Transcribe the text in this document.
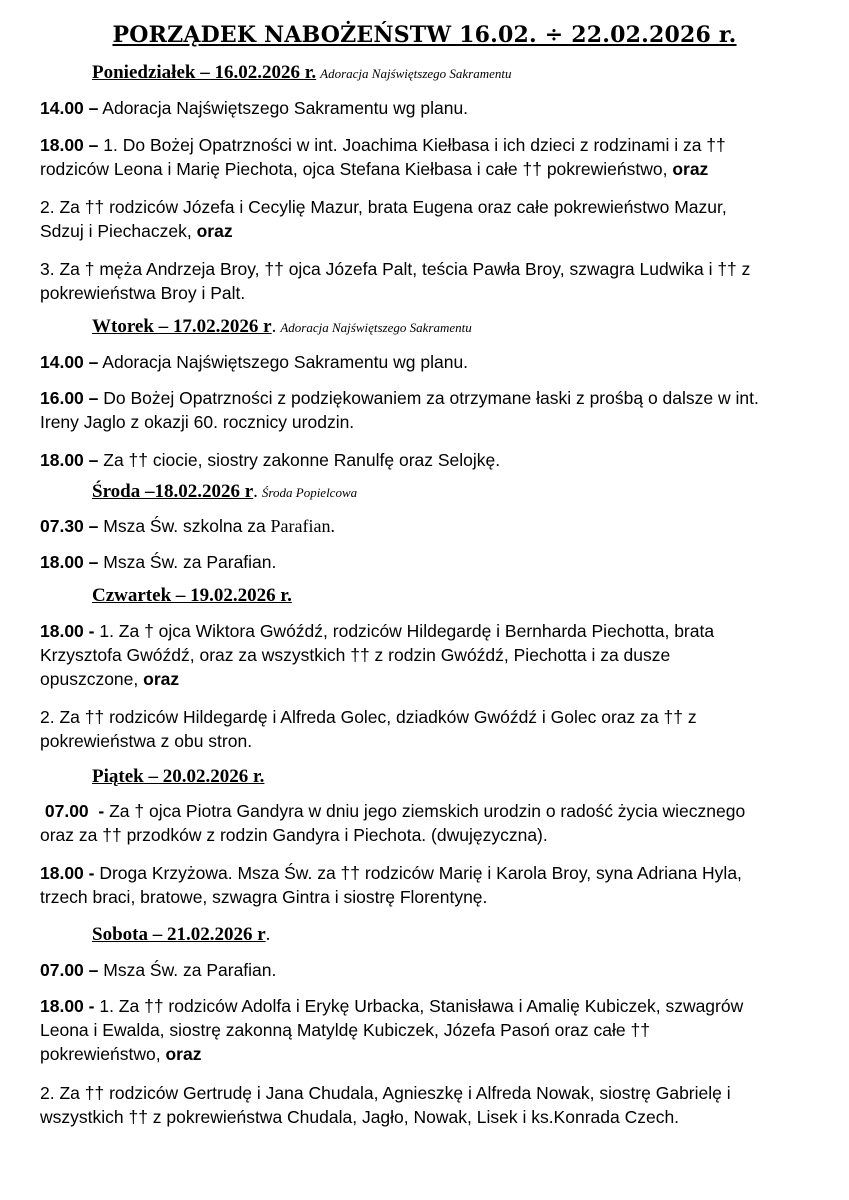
PORZĄDEK NABOŻEŃSTW 16.02. ÷ 22.02.2026 r.
Poniedziałek – 16.02.2026 r. Adoracja Najświętszego Sakramentu
14.00 – Adoracja Najświętszego Sakramentu wg planu.
18.00 – 1. Do Bożej Opatrzności w int. Joachima Kiełbasa i ich dzieci z rodzinami i za ††
rodziców Leona i Marię Piechota, ojca Stefana Kiełbasa i całe †† pokrewieństwo, oraz
2. Za †† rodziców Józefa i Cecylię Mazur, brata Eugena oraz całe pokrewieństwo Mazur,
Sdzuj i Piechaczek, oraz
3. Za † męża Andrzeja Broy, †† ojca Józefa Palt, teścia Pawła Broy, szwagra Ludwika i †† z
pokrewieństwa Broy i Palt.
Wtorek – 17.02.2026 r. Adoracja Najświętszego Sakramentu
14.00 – Adoracja Najświętszego Sakramentu wg planu.
16.00 – Do Bożej Opatrzności z podziękowaniem za otrzymane łaski z prośbą o dalsze w int.
Ireny Jaglo z okazji 60. rocznicy urodzin.
18.00 – Za †† ciocie, siostry zakonne Ranulfę oraz Selojkę.
Środa –18.02.2026 r. Środa Popielcowa
07.30 – Msza Św. szkolna za Parafian.
18.00 – Msza Św. za Parafian.
Czwartek – 19.02.2026 r.
18.00 - 1. Za † ojca Wiktora Gwóźdź, rodziców Hildegardę i Bernharda Piechotta, brata
Krzysztofa Gwóźdź, oraz za wszystkich †† z rodzin Gwóźdź, Piechotta i za dusze
opuszczone, oraz
2. Za †† rodziców Hildegardę i Alfreda Golec, dziadków Gwóźdź i Golec oraz za †† z
pokrewieństwa z obu stron.
Piątek – 20.02.2026 r.
07.00  - Za † ojca Piotra Gandyra w dniu jego ziemskich urodzin o radość życia wiecznego
oraz za †† przodków z rodzin Gandyra i Piechota. (dwujęzyczna).
18.00 - Droga Krzyżowa. Msza Św. za †† rodziców Marię i Karola Broy, syna Adriana Hyla,
trzech braci, bratowe, szwagra Gintra i siostrę Florentynę.
Sobota – 21.02.2026 r.
07.00 – Msza Św. za Parafian.
18.00 - 1. Za †† rodziców Adolfa i Erykę Urbacka, Stanisława i Amalię Kubiczek, szwagrów
Leona i Ewalda, siostrę zakonną Matyldę Kubiczek, Józefa Pasoń oraz całe ††
pokrewieństwo, oraz
2. Za †† rodziców Gertrudę i Jana Chudala, Agnieszkę i Alfreda Nowak, siostrę Gabrielę i
wszystkich †† z pokrewieństwa Chudala, Jagło, Nowak, Lisek i ks.Konrada Czech.
